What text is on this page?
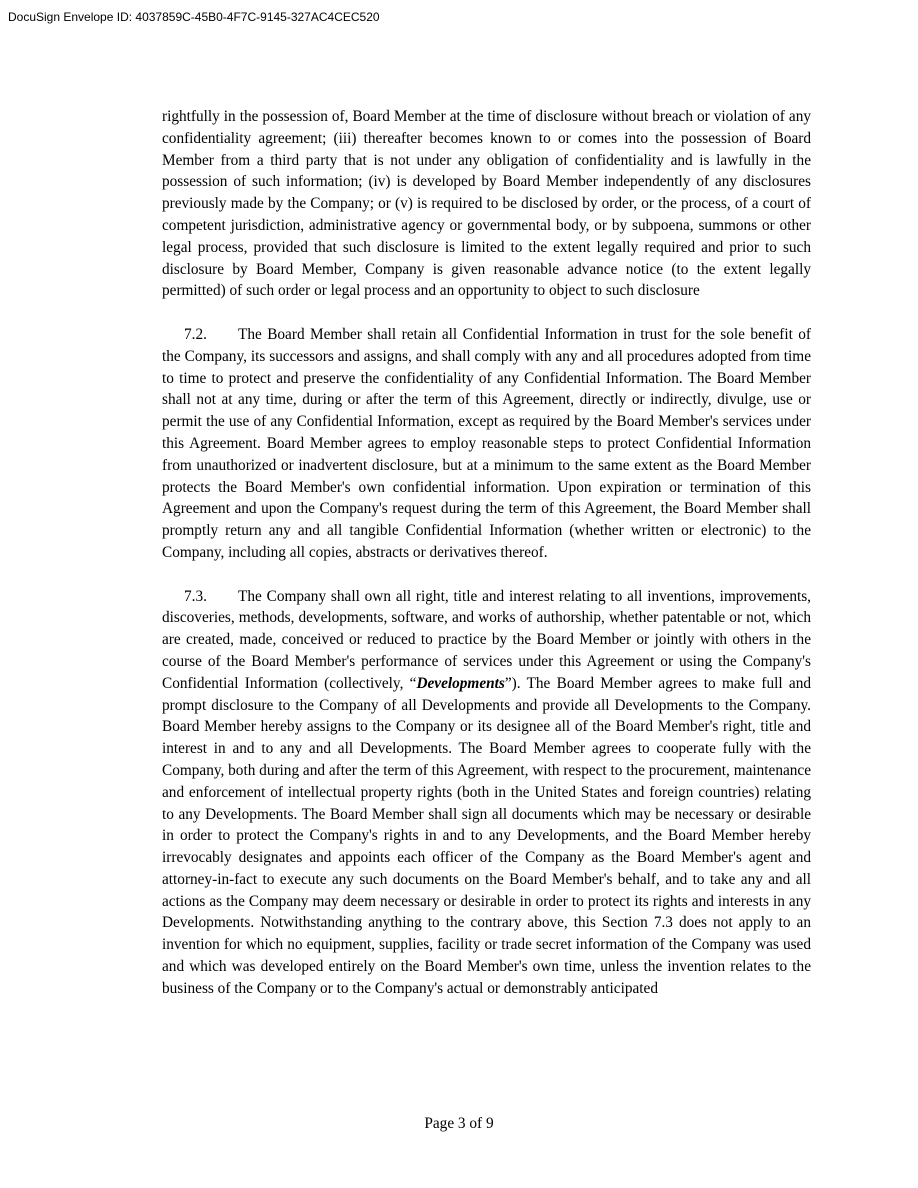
DocuSign Envelope ID: 4037859C-45B0-4F7C-9145-327AC4CEC520

rightfully in the possession of, Board Member at the time of disclosure without breach or violation of any confidentiality agreement; (iii) thereafter becomes known to or comes into the possession of Board Member from a third party that is not under any obligation of confidentiality and is lawfully in the possession of such information; (iv) is developed by Board Member independently of any disclosures previously made by the Company; or (v) is required to be disclosed by order, or the process, of a court of competent jurisdiction, administrative agency or governmental body, or by subpoena, summons or other legal process, provided that such disclosure is limited to the extent legally required and prior to such disclosure by Board Member, Company is given reasonable advance notice (to the extent legally permitted) of such order or legal process and an opportunity to object to such disclosure

7.2. The Board Member shall retain all Confidential Information in trust for the sole benefit of the Company, its successors and assigns, and shall comply with any and all procedures adopted from time to time to protect and preserve the confidentiality of any Confidential Information. The Board Member shall not at any time, during or after the term of this Agreement, directly or indirectly, divulge, use or permit the use of any Confidential Information, except as required by the Board Member's services under this Agreement. Board Member agrees to employ reasonable steps to protect Confidential Information from unauthorized or inadvertent disclosure, but at a minimum to the same extent as the Board Member protects the Board Member's own confidential information. Upon expiration or termination of this Agreement and upon the Company's request during the term of this Agreement, the Board Member shall promptly return any and all tangible Confidential Information (whether written or electronic) to the Company, including all copies, abstracts or derivatives thereof.

7.3. The Company shall own all right, title and interest relating to all inventions, improvements, discoveries, methods, developments, software, and works of authorship, whether patentable or not, which are created, made, conceived or reduced to practice by the Board Member or jointly with others in the course of the Board Member's performance of services under this Agreement or using the Company's Confidential Information (collectively, “Developments”). The Board Member agrees to make full and prompt disclosure to the Company of all Developments and provide all Developments to the Company. Board Member hereby assigns to the Company or its designee all of the Board Member's right, title and interest in and to any and all Developments. The Board Member agrees to cooperate fully with the Company, both during and after the term of this Agreement, with respect to the procurement, maintenance and enforcement of intellectual property rights (both in the United States and foreign countries) relating to any Developments. The Board Member shall sign all documents which may be necessary or desirable in order to protect the Company's rights in and to any Developments, and the Board Member hereby irrevocably designates and appoints each officer of the Company as the Board Member's agent and attorney-in-fact to execute any such documents on the Board Member's behalf, and to take any and all actions as the Company may deem necessary or desirable in order to protect its rights and interests in any Developments. Notwithstanding anything to the contrary above, this Section 7.3 does not apply to an invention for which no equipment, supplies, facility or trade secret information of the Company was used and which was developed entirely on the Board Member's own time, unless the invention relates to the business of the Company or to the Company's actual or demonstrably anticipated

Page 3 of 9
